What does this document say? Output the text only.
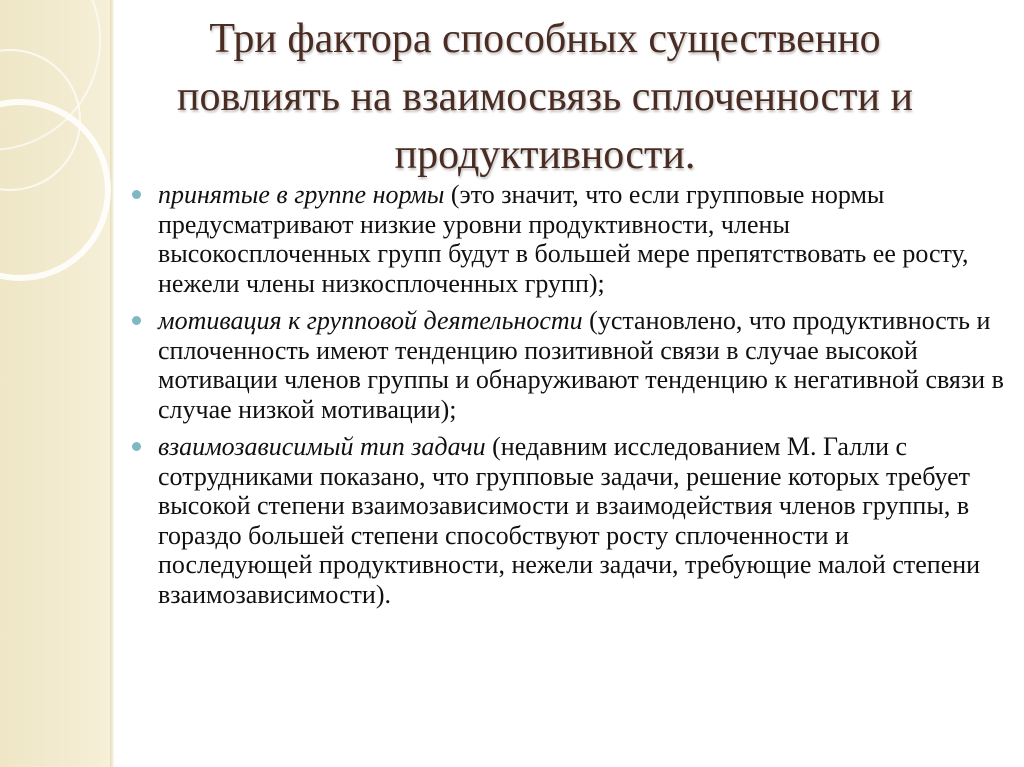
Три фактора способных существенно повлиять на взаимосвязь сплоченности и продуктивности.
принятые в группе нормы (это значит, что если групповые нормы предусматривают низкие уровни продуктивности, члены высокосплоченных групп будут в большей мере препятствовать ее росту, нежели члены низкосплоченных групп);
мотивация к групповой деятельности (установлено, что продуктивность и сплоченность имеют тенденцию позитивной связи в случае высокой мотивации членов группы и обнаруживают тенденцию к негативной связи в случае низкой мотивации);
взаимозависимый тип задачи (недавним исследованием М. Галли с сотрудниками показано, что групповые задачи, решение которых требует высокой степени взаимозависимости и взаимодействия членов группы, в гораздо большей степени способствуют росту сплоченности и последующей продуктивности, нежели задачи, требующие малой степени взаимозависимости).
